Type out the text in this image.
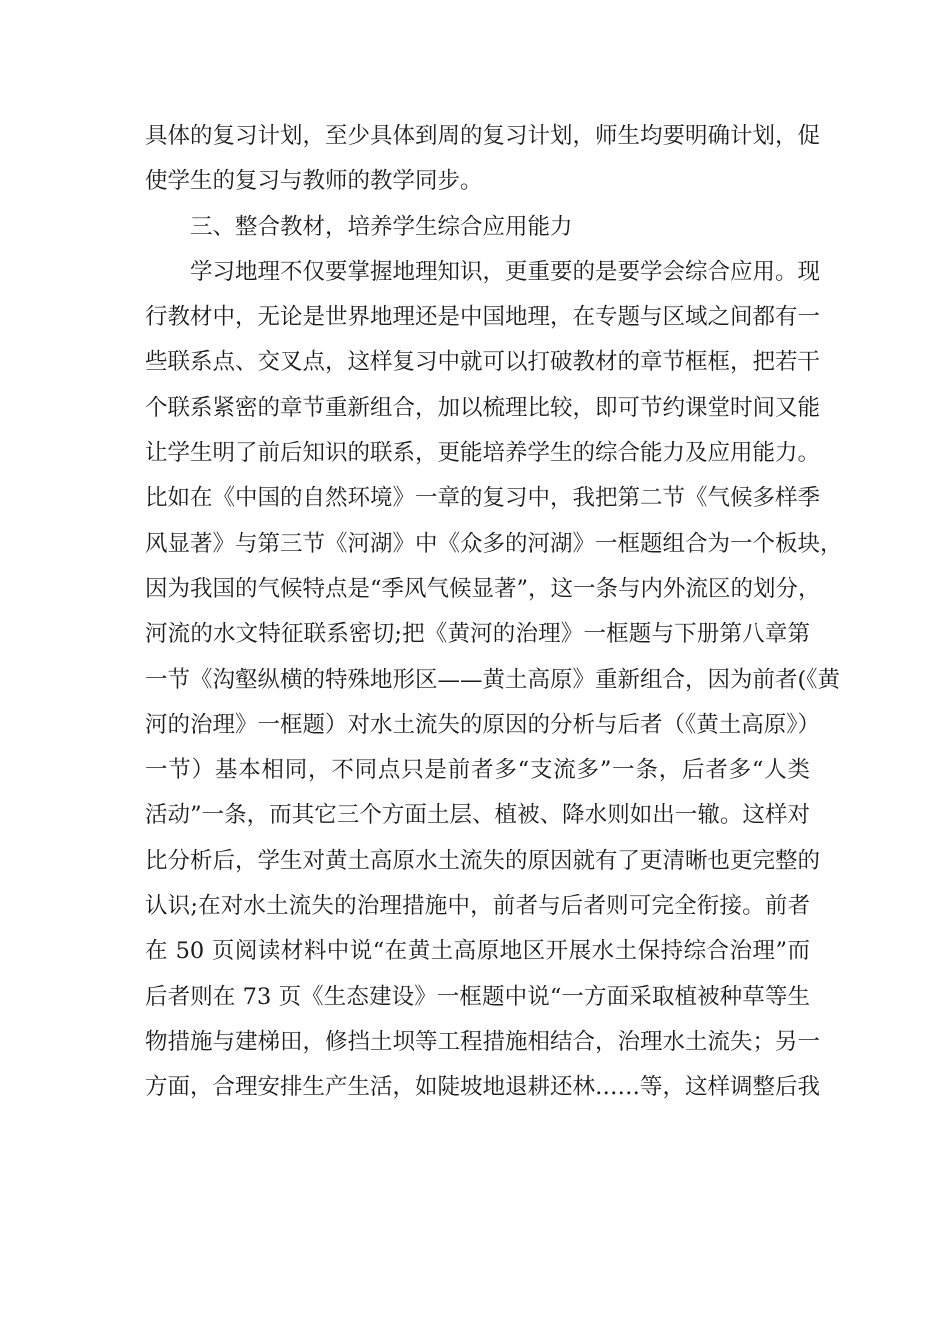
具体的复习计划，至少具体到周的复习计划，师生均要明确计划，促
使学生的复习与教师的教学同步。
三、整合教材，培养学生综合应用能力
学习地理不仅要掌握地理知识，更重要的是要学会综合应用。现
行教材中，无论是世界地理还是中国地理，在专题与区域之间都有一
些联系点、交叉点，这样复习中就可以打破教材的章节框框，把若干
个联系紧密的章节重新组合，加以梳理比较，即可节约课堂时间又能
让学生明了前后知识的联系，更能培养学生的综合能力及应用能力。
比如在《中国的自然环境》一章的复习中，我把第二节《气候多样季
风显著》与第三节《河湖》中《众多的河湖》一框题组合为一个板块，
因为我国的气候特点是“季风气候显著”，这一条与内外流区的划分，
河流的水文特征联系密切;把《黄河的治理》一框题与下册第八章第
一节《沟壑纵横的特殊地形区——黄土高原》重新组合，因为前者(《黄
河的治理》一框题）对水土流失的原因的分析与后者（《黄土高原》）
一节）基本相同，不同点只是前者多“支流多”一条，后者多“人类
活动”一条，而其它三个方面土层、植被、降水则如出一辙。这样对
比分析后，学生对黄土高原水土流失的原因就有了更清晰也更完整的
认识;在对水土流失的治理措施中，前者与后者则可完全衔接。前者
在 50 页阅读材料中说“在黄土高原地区开展水土保持综合治理”而
后者则在 73 页《生态建设》一框题中说“一方面采取植被种草等生
物措施与建梯田，修挡土坝等工程措施相结合，治理水土流失；另一
方面，合理安排生产生活，如陡坡地退耕还林……等，这样调整后我
